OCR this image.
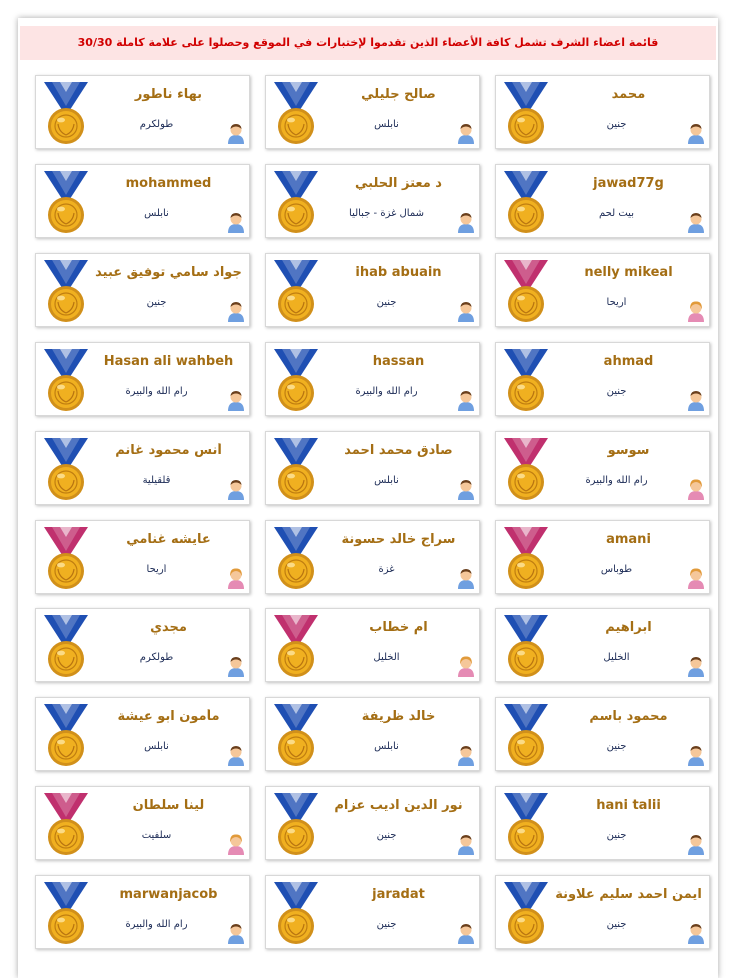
قائمة اعضاء الشرف تشمل كافة الأعضاء الذين تقدموا لإختبارات في الموقع وحصلوا على علامة كاملة 30/30
محمد
جنين
صالح جليلي
نابلس
بهاء ناطور
طولكرم
jawad77g
بيت لحم
د معتز الحلبي
شمال غزة - جباليا
mohammed
نابلس
nelly mikeal
أريحا
ihab abuain
جنين
جواد سامي توفيق عبيد
جنين
ahmad
جنين
hassan
رام الله والبيرة
Hasan ali wahbeh
رام الله والبيرة
سوسو
رام الله والبيرة
صادق محمد احمد
نابلس
أنس محمود غانم
قلقيلية
amani
طوباس
سراج خالد حسونة
غزة
عايشه غنامي
أريحا
ابراهيم
الخليل
ام خطاب
الخليل
مجدي
طولكرم
محمود باسم
جنين
خالد ظريفة
نابلس
مأمون ابو عيشة
نابلس
hani talii
جنين
نور الدين اديب عزام
جنين
لينا سلطان
سلفيت
ايمن احمد سليم علاونة
جنين
jaradat
جنين
marwanjacob
رام الله والبيرة
